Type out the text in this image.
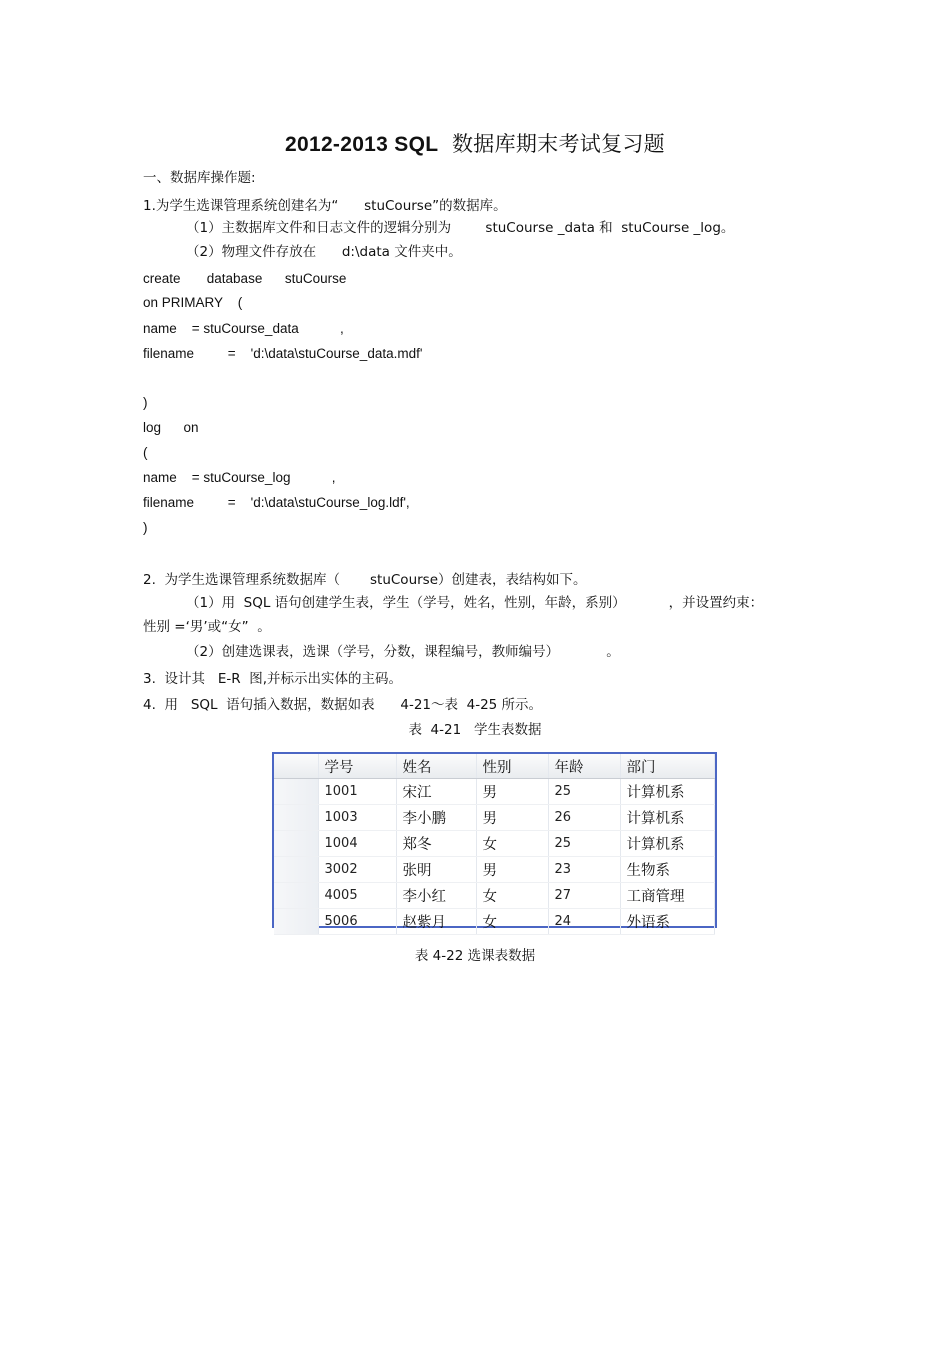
2012-2013 SQL 数据库期末考试复习题
一、数据库操作题:
1.为学生选课管理系统创建名为“      stuCourse”的数据库。
（1）主数据库文件和日志文件的逻辑分别为        stuCourse _data 和  stuCourse _log。
（2）物理文件存放在      d:\data 文件夹中。
create       database      stuCourse
on PRIMARY    (
name    = stuCourse_data           ,
filename         =    'd:\data\stuCourse_data.mdf'
)
log      on
(
name    = stuCourse_log           ,
filename         =    'd:\data\stuCourse_log.ldf',
)
2.  为学生选课管理系统数据库（       stuCourse）创建表，表结构如下。
（1）用  SQL 语句创建学生表，学生（学号，姓名，性别，年龄，系别）          ，并设置约束：
性别 =‘男’或“女”  。
（2）创建选课表，选课（学号，分数，课程编号，教师编号）           。
3.  设计其   E-R  图,并标示出实体的主码。
4.  用   SQL  语句插入数据，数据如表      4-21～表  4-25 所示。
表  4-21   学生表数据
	学号	姓名	性别	年龄	部门
	1001	宋江	男	25	计算机系
	1003	李小鹏	男	26	计算机系
	1004	郑冬	女	25	计算机系
	3002	张明	男	23	生物系
	4005	李小红	女	27	工商管理
	5006	赵紫月	女	24	外语系
表 4-22 选课表数据
